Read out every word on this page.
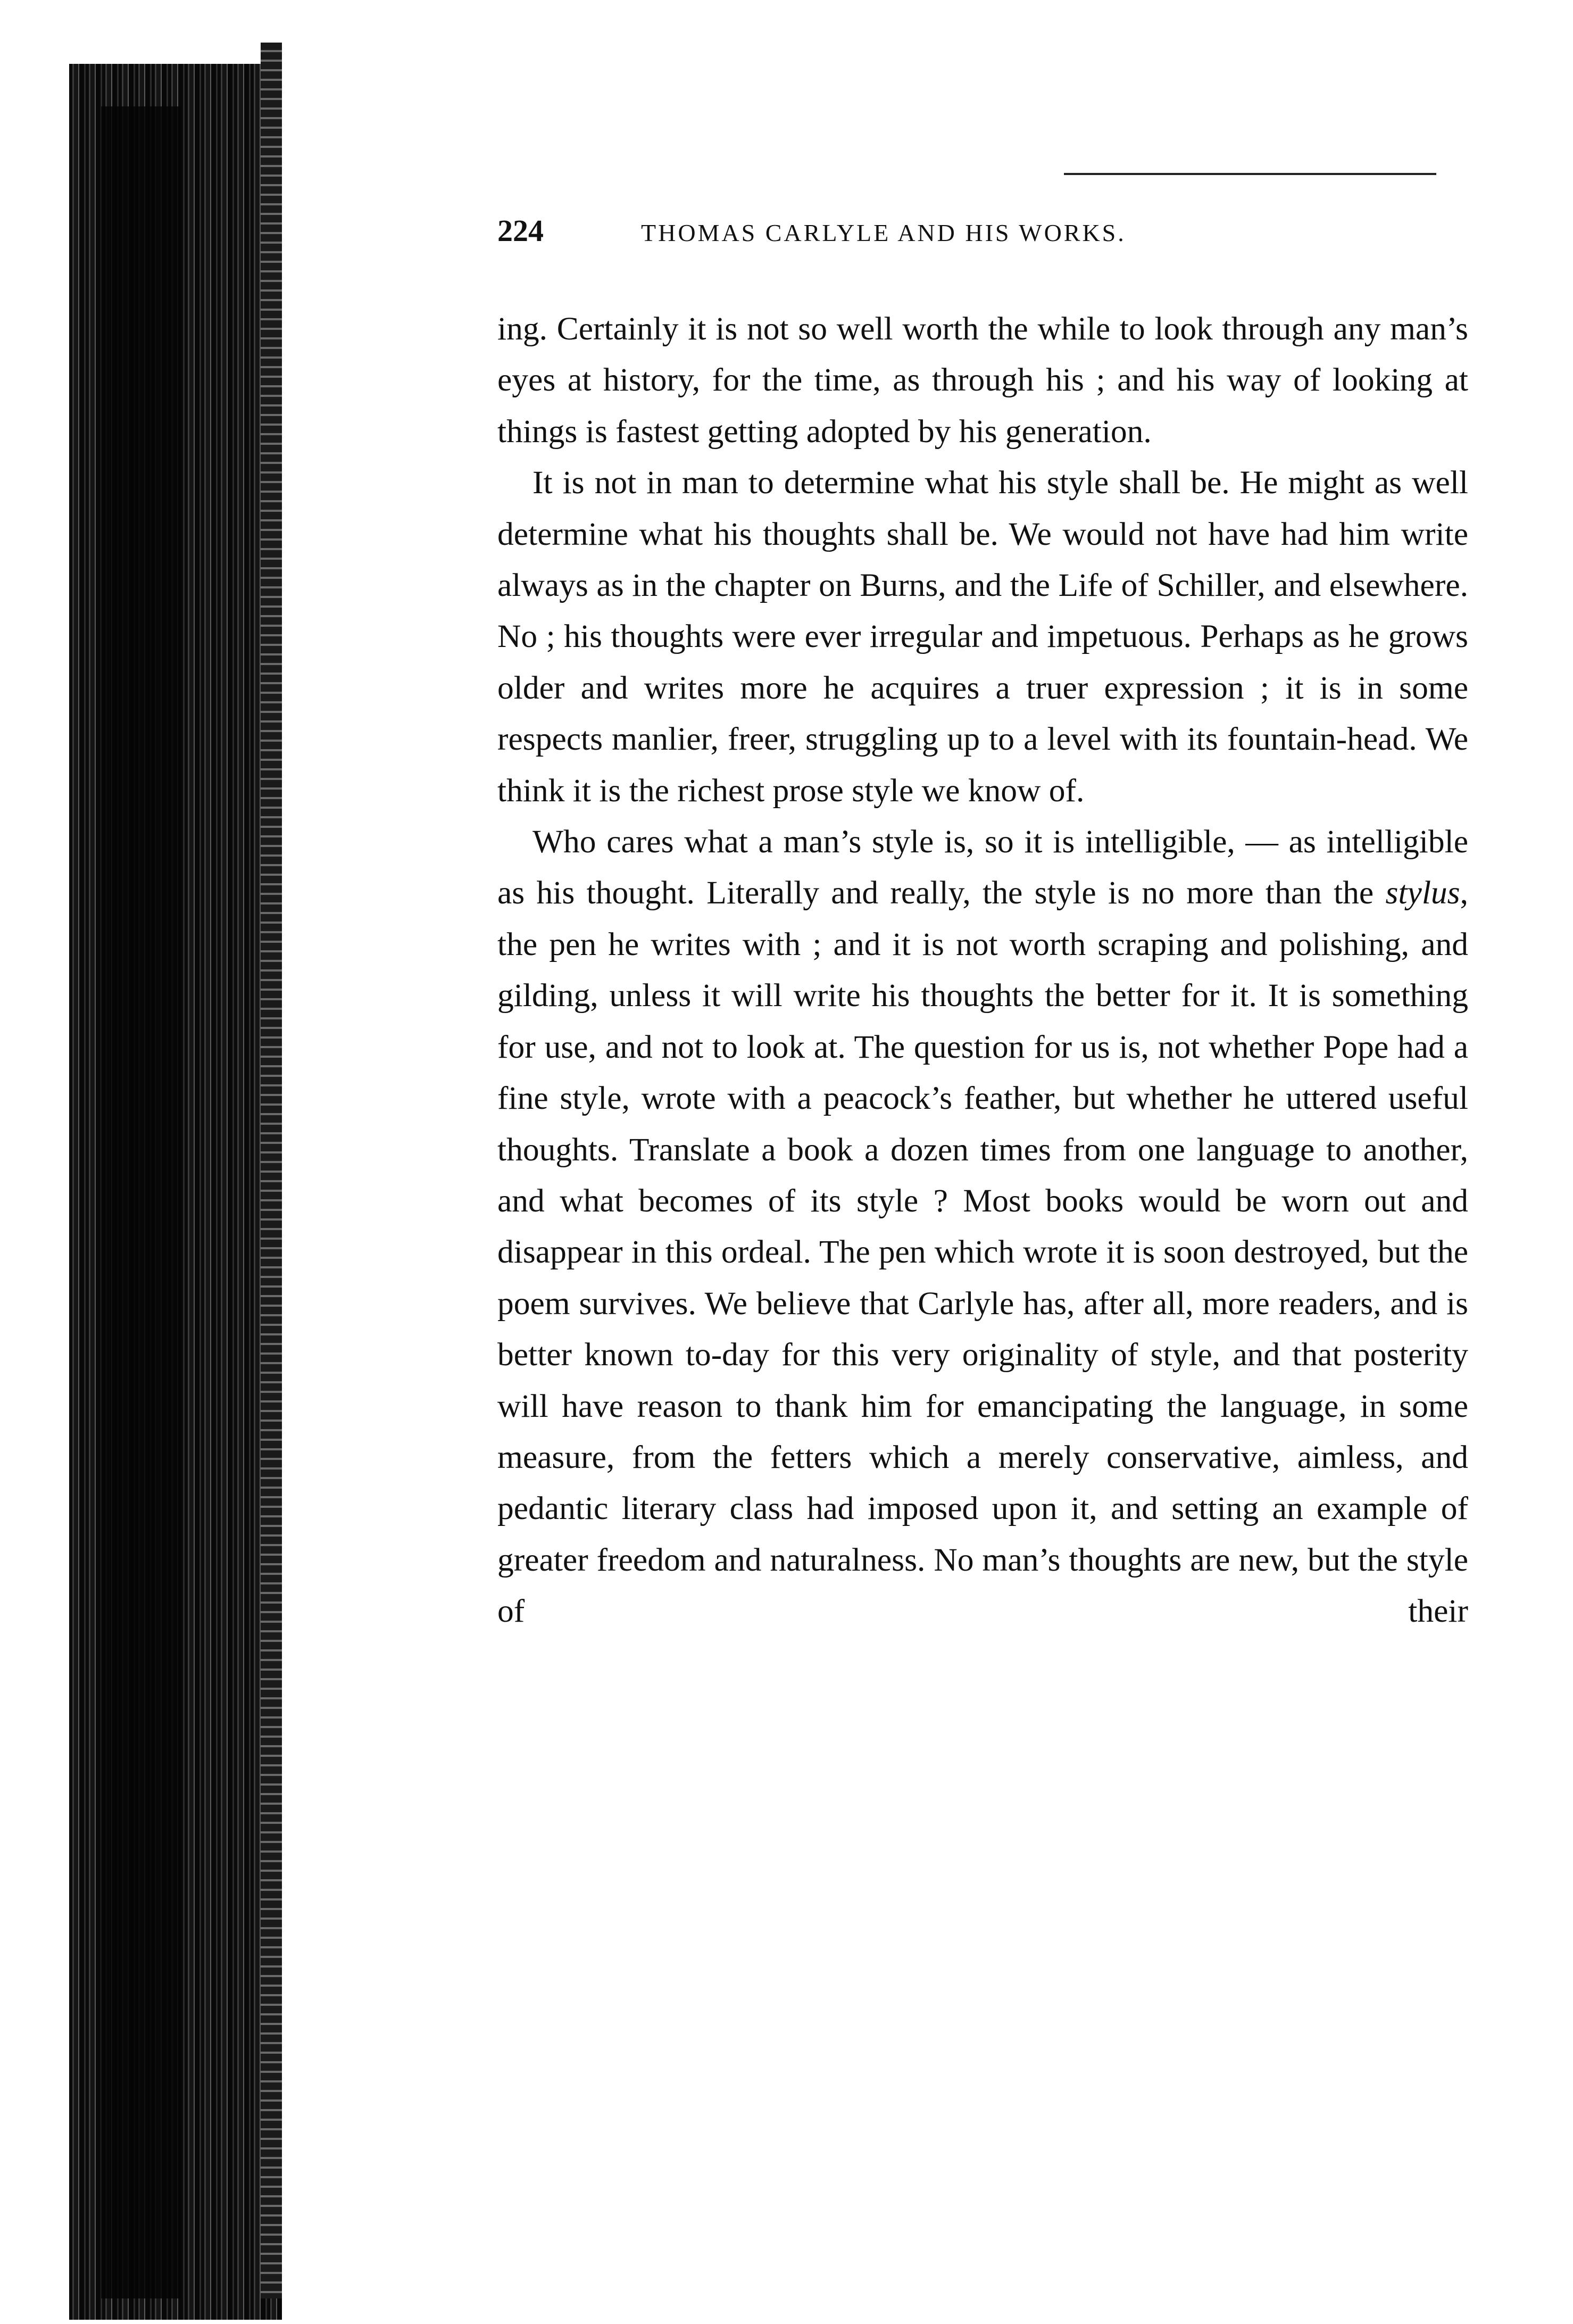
224	THOMAS CARLYLE AND HIS WORKS.

ing. Certainly it is not so well worth the while to look through any man’s eyes at history, for the time, as through his ; and his way of looking at things is fastest getting adopted by his generation.

It is not in man to determine what his style shall be. He might as well determine what his thoughts shall be. We would not have had him write always as in the chapter on Burns, and the Life of Schiller, and elsewhere. No ; his thoughts were ever irregular and impetuous. Perhaps as he grows older and writes more he acquires a truer expression ; it is in some respects manlier, freer, struggling up to a level with its fountain-head. We think it is the richest prose style we know of.

Who cares what a man’s style is, so it is intelligible, — as intelligible as his thought. Literally and really, the style is no more than the stylus, the pen he writes with ; and it is not worth scraping and polishing, and gilding, unless it will write his thoughts the better for it. It is something for use, and not to look at. The question for us is, not whether Pope had a fine style, wrote with a peacock’s feather, but whether he uttered useful thoughts. Translate a book a dozen times from one language to another, and what becomes of its style ? Most books would be worn out and disappear in this ordeal. The pen which wrote it is soon destroyed, but the poem survives. We believe that Carlyle has, after all, more readers, and is better known to-day for this very originality of style, and that posterity will have reason to thank him for emancipating the language, in some measure, from the fetters which a merely conservative, aimless, and pedantic literary class had imposed upon it, and setting an example of greater freedom and naturalness. No man’s thoughts are new, but the style of their
